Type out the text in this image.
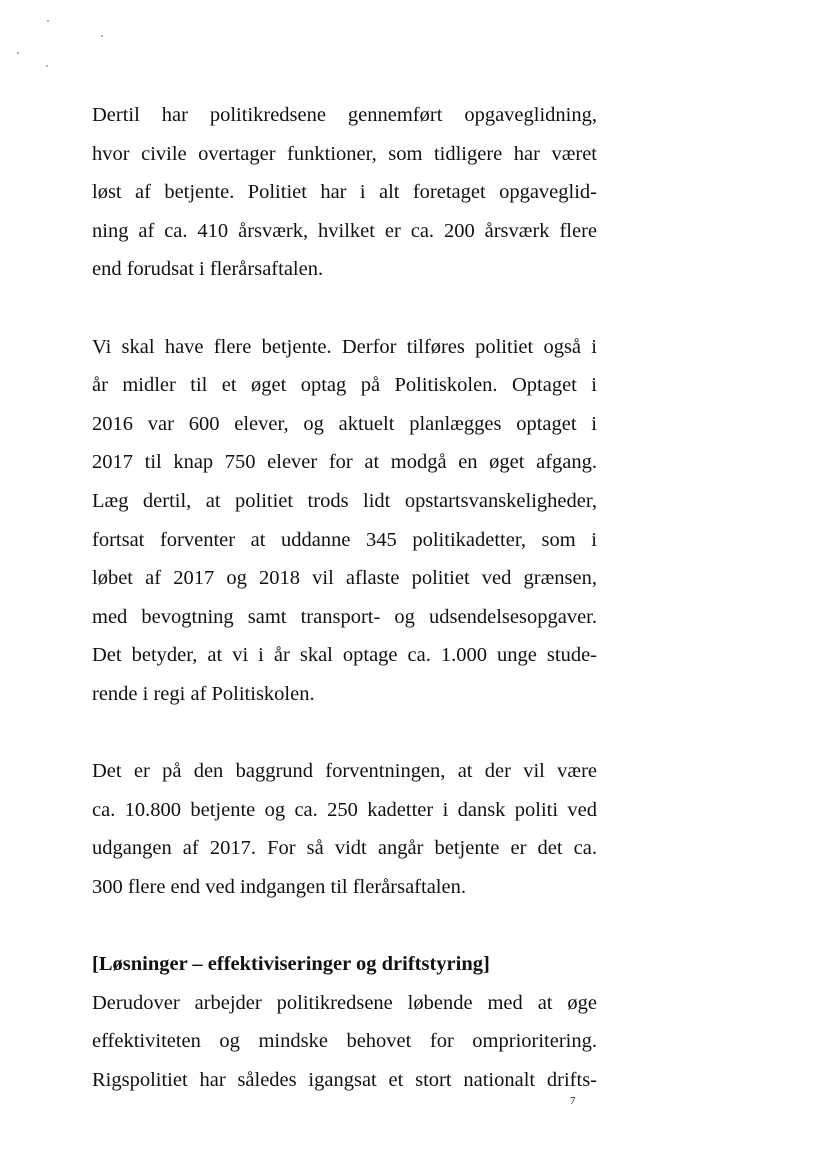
Dertil har politikredsene gennemført opgaveglidning,
hvor civile overtager funktioner, som tidligere har været
løst af betjente. Politiet har i alt foretaget opgaveglid-
ning af ca. 410 årsværk, hvilket er ca. 200 årsværk flere
end forudsat i flerårsaftalen.

Vi skal have flere betjente. Derfor tilføres politiet også i
år midler til et øget optag på Politiskolen. Optaget i
2016 var 600 elever, og aktuelt planlægges optaget i
2017 til knap 750 elever for at modgå en øget afgang.
Læg dertil, at politiet trods lidt opstartsvanskeligheder,
fortsat forventer at uddanne 345 politikadetter, som i
løbet af 2017 og 2018 vil aflaste politiet ved grænsen,
med bevogtning samt transport- og udsendelsesopgaver.
Det betyder, at vi i år skal optage ca. 1.000 unge stude-
rende i regi af Politiskolen.

Det er på den baggrund forventningen, at der vil være
ca. 10.800 betjente og ca. 250 kadetter i dansk politi ved
udgangen af 2017. For så vidt angår betjente er det ca.
300 flere end ved indgangen til flerårsaftalen.

[Løsninger – effektiviseringer og driftstyring]

Derudover arbejder politikredsene løbende med at øge
effektiviteten og mindske behovet for omprioritering.
Rigspolitiet har således igangsat et stort nationalt drifts-

7
